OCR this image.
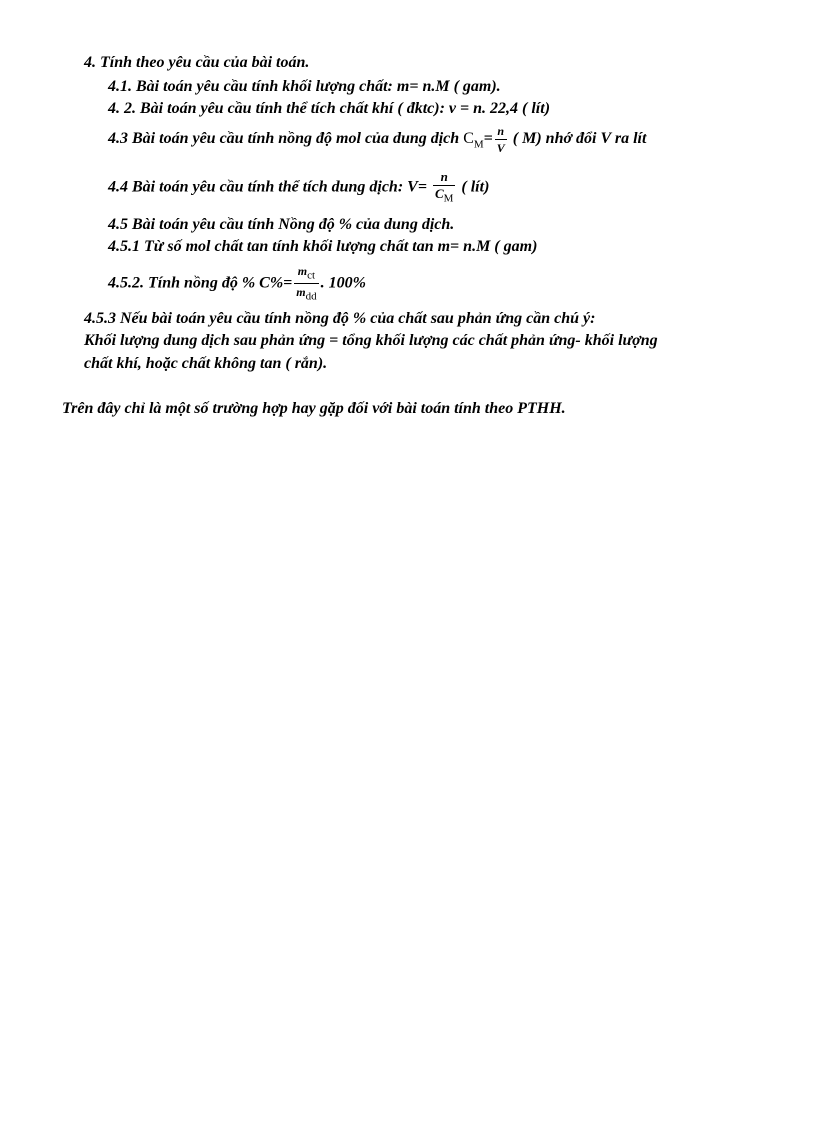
4. Tính theo yêu cầu của bài toán.
4.1. Bài toán yêu cầu tính khối lượng chất: m= n.M ( gam).
4. 2. Bài toán yêu cầu tính thể tích chất khí ( đktc): v = n. 22,4 ( lít)
4.3 Bài toán yêu cầu tính nồng độ mol của dung dịch $C_M= \frac{n}{V}$ ( M) nhớ đổi V ra lít
4.4 Bài toán yêu cầu tính thể tích dung dịch: $V= \frac{n}{C_M}$ ( lít)
4.5 Bài toán yêu cầu tính Nồng độ % của dung dịch.
4.5.1 Từ số mol chất tan tính khối lượng chất tan m= n.M ( gam)
4.5.2. Tính nồng độ % $C\%= \frac{\text{mct}}{\text{mdd}}$ . 100%
4.5.3 Nếu bài toán yêu cầu tính nồng độ % của chất sau phản ứng cần chú ý:
Khối lượng dung dịch sau phản ứng = tổng khối lượng các chất phản ứng- khối lượng
chất khí, hoặc chất không tan ( rắn).
Trên đây chỉ là một số trường hợp hay gặp đối với bài toán tính theo PTHH.
